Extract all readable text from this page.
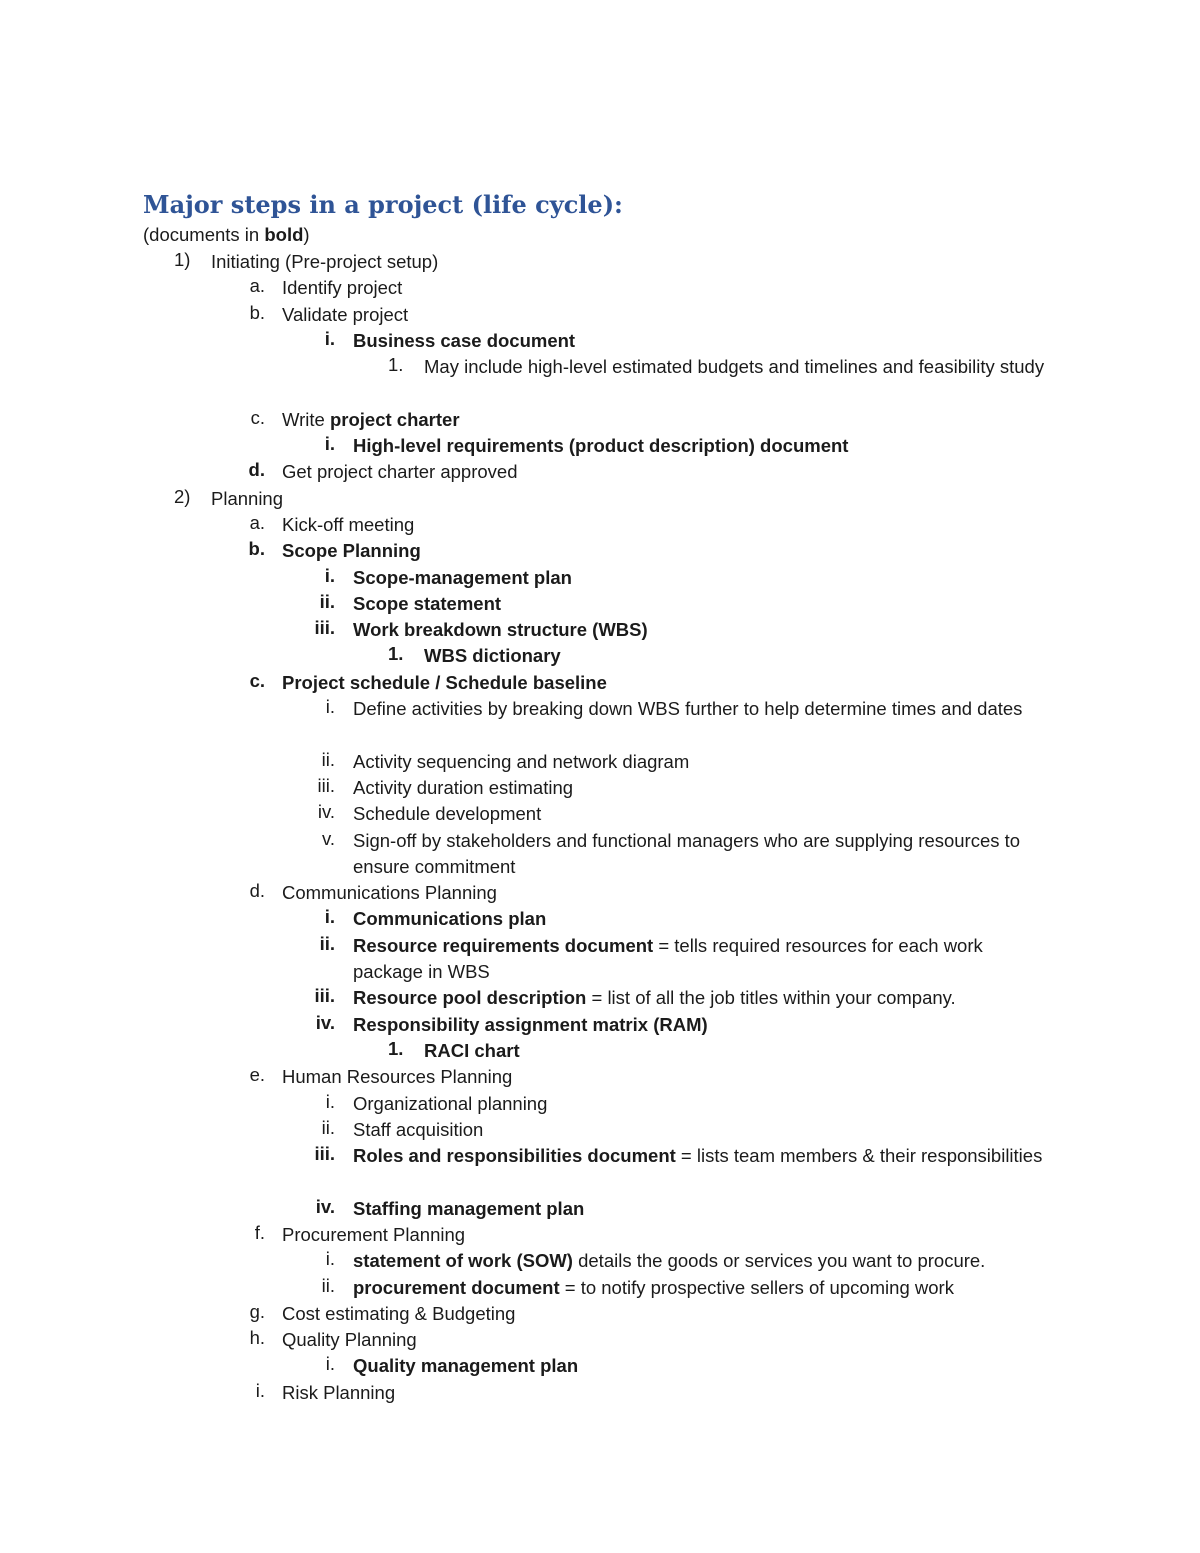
Major steps in a project (life cycle):
(documents in bold)
1) Initiating (Pre-project setup)
a. Identify project
b. Validate project
i. Business case document
1. May include high-level estimated budgets and timelines and feasibility study
c. Write project charter
i. High-level requirements (product description) document
d. Get project charter approved
2) Planning
a. Kick-off meeting
b. Scope Planning
i. Scope-management plan
ii. Scope statement
iii. Work breakdown structure (WBS)
1. WBS dictionary
c. Project schedule / Schedule baseline
i. Define activities by breaking down WBS further to help determine times and dates
ii. Activity sequencing and network diagram
iii. Activity duration estimating
iv. Schedule development
v. Sign-off by stakeholders and functional managers who are supplying resources to ensure commitment
d. Communications Planning
i. Communications plan
ii. Resource requirements document = tells required resources for each work package in WBS
iii. Resource pool description = list of all the job titles within your company.
iv. Responsibility assignment matrix (RAM)
1. RACI chart
e. Human Resources Planning
i. Organizational planning
ii. Staff acquisition
iii. Roles and responsibilities document = lists team members & their responsibilities
iv. Staffing management plan
f. Procurement Planning
i. statement of work (SOW) details the goods or services you want to procure.
ii. procurement document = to notify prospective sellers of upcoming work
g. Cost estimating & Budgeting
h. Quality Planning
i. Quality management plan
i. Risk Planning
